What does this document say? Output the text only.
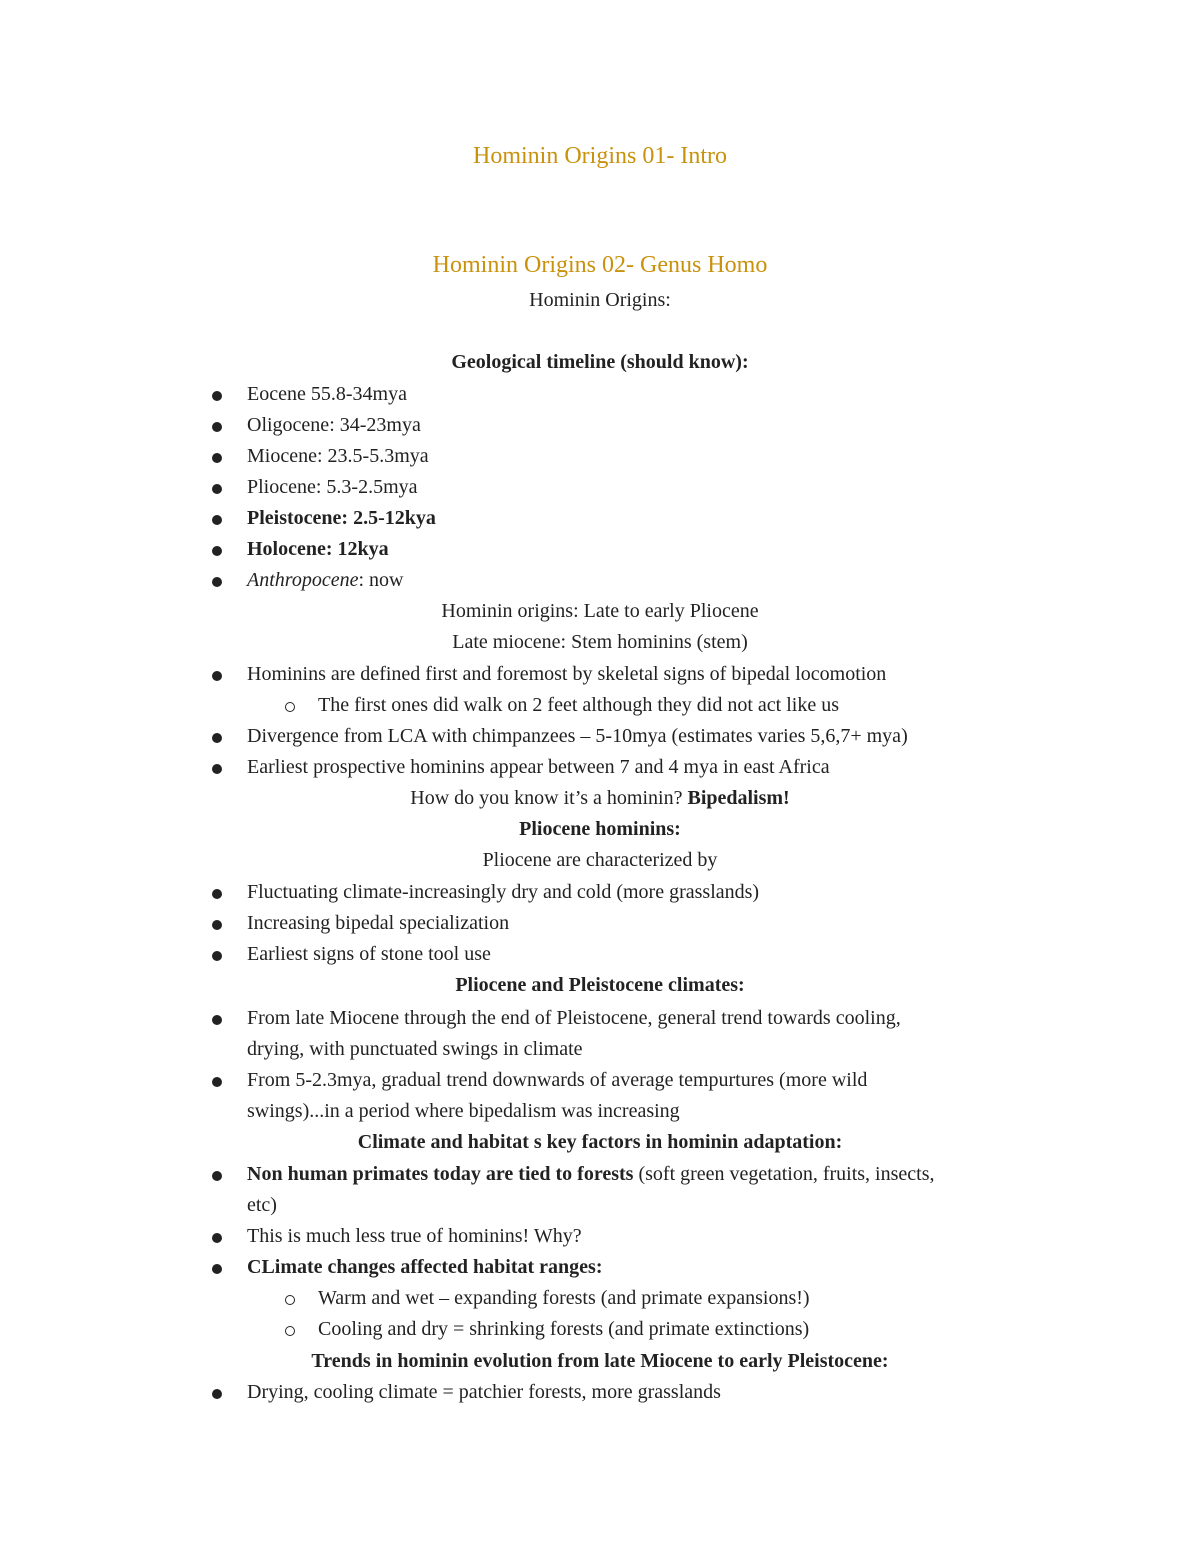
Hominin Origins 01- Intro
Hominin Origins 02- Genus Homo
Hominin Origins:
Geological timeline (should know):
Eocene 55.8-34mya
Oligocene: 34-23mya
Miocene: 23.5-5.3mya
Pliocene: 5.3-2.5mya
Pleistocene: 2.5-12kya
Holocene: 12kya
Anthropocene: now
Hominin origins: Late to early Pliocene
Late miocene: Stem hominins (stem)
Hominins are defined first and foremost by skeletal signs of bipedal locomotion
The first ones did walk on 2 feet although they did not act like us
Divergence from LCA with chimpanzees – 5-10mya (estimates varies 5,6,7+ mya)
Earliest prospective hominins appear between 7 and 4 mya in east Africa
How do you know it’s a hominin? Bipedalism!
Pliocene hominins:
Pliocene are characterized by
Fluctuating climate-increasingly dry and cold (more grasslands)
Increasing bipedal specialization
Earliest signs of stone tool use
Pliocene and Pleistocene climates:
From late Miocene through the end of Pleistocene, general trend towards cooling,
drying, with punctuated swings in climate
From 5-2.3mya, gradual trend downwards of average tempurtures (more wild
swings)...in a period where bipedalism was increasing
Climate and habitat s key factors in hominin adaptation:
Non human primates today are tied to forests (soft green vegetation, fruits, insects,
etc)
This is much less true of hominins! Why?
CLimate changes affected habitat ranges:
Warm and wet – expanding forests (and primate expansions!)
Cooling and dry = shrinking forests (and primate extinctions)
Trends in hominin evolution from late Miocene to early Pleistocene:
Drying, cooling climate = patchier forests, more grasslands
